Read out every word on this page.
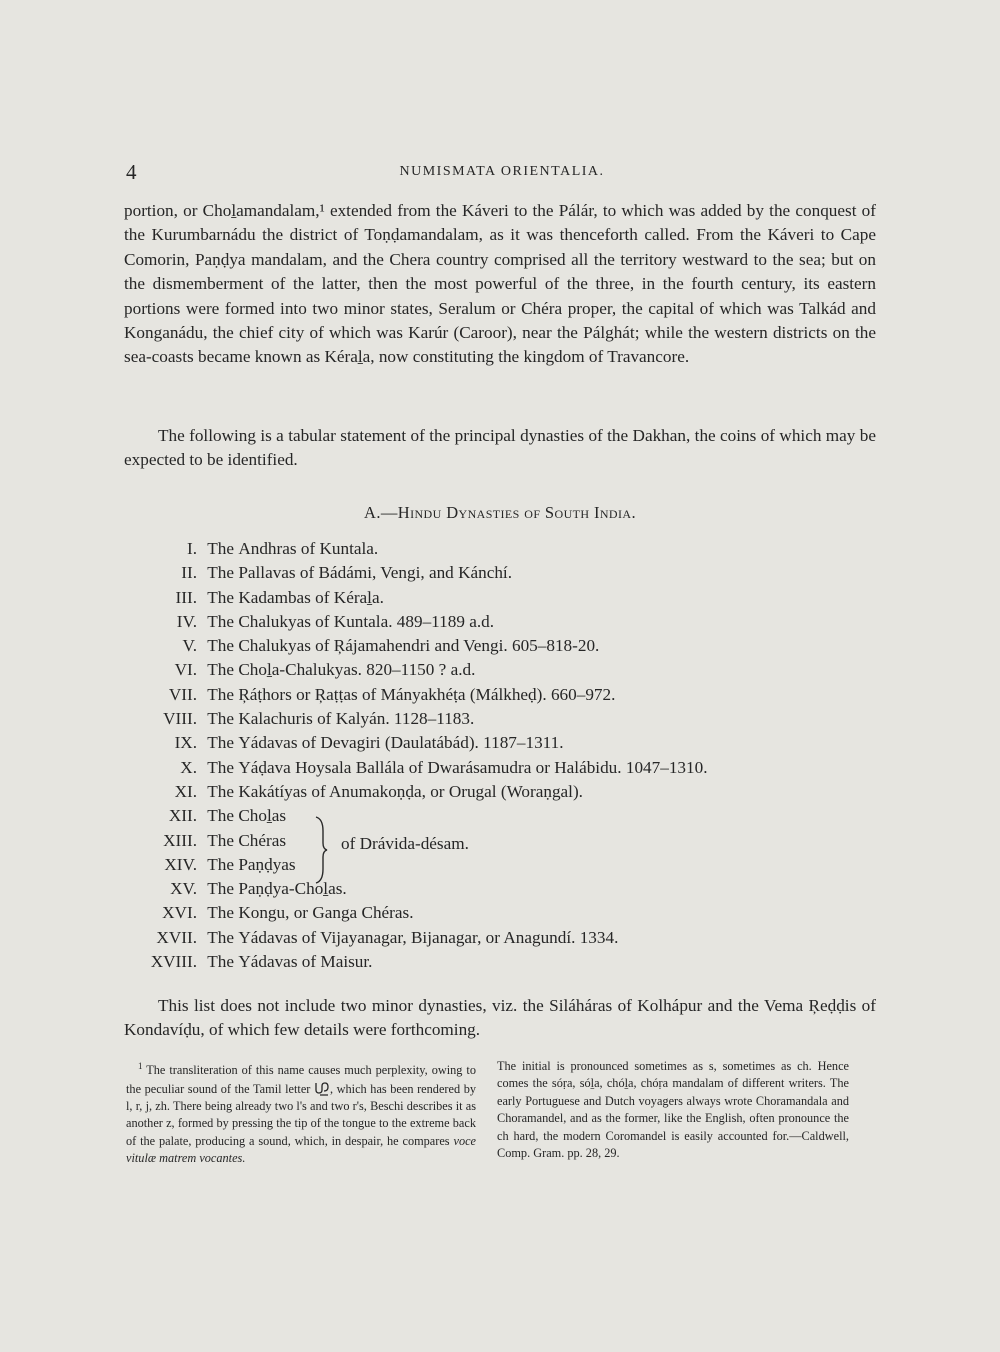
4	NUMISMATA ORIENTALIA.

portion, or Choḻamandalam,¹ extended from the Káveri to the Pálár, to which was added by the conquest of the Kurumbarnádu the district of Toṇḍamandalam, as it was thenceforth called. From the Káveri to Cape Comorin, Paṇḍya mandalam, and the Chera country comprised all the territory westward to the sea; but on the dismemberment of the latter, then the most powerful of the three, in the fourth century, its eastern portions were formed into two minor states, Seralum or Chéra proper, the capital of which was Talkád and Konganádu, the chief city of which was Karúr (Caroor), near the Pálghát; while the western districts on the sea-coasts became known as Kéraḻa, now constituting the kingdom of Travancore.

The following is a tabular statement of the principal dynasties of the Dakhan, the coins of which may be expected to be identified.

A.—Hindu Dynasties of South India.
I. The Andhras of Kuntala.
II. The Pallavas of Bádámi, Vengi, and Kánchí.
III. The Kadambas of Kéraḻa.
IV. The Chalukyas of Kuntala. 489–1189 a.d.
V. The Chalukyas of Ŗájamahendri and Vengi. 605–818-20.
VI. The Choḻa-Chalukyas. 820–1150 ? a.d.
VII. The Ŗáṭhors or Ŗaṭṭas of Mányakhéṭa (Málkheḍ). 660–972.
VIII. The Kalachuris of Kalyán. 1128–1183.
IX. The Yádavas of Devagiri (Daulatábád). 1187–1311.
X. The Yáḍava Hoysala Ballála of Dwarásamudra or Halábidu. 1047–1310.
XI. The Kakátíyas of Anumakoṇḍa, or Orugal (Woraṇgal).
XII. The Choḻas
XIII. The Chéras
XIV. The Paṇḍyas
XV. The Paṇḍya-Choḻas.
XVI. The Kongu, or Ganga Chéras.
XVII. The Yádavas of Vijayanagar, Bijanagar, or Anagundí. 1334.
XVIII. The Yádavas of Maisur.
of Drávida-désam.

This list does not include two minor dynasties, viz. the Siláháras of Kolhápur and the Vema Ŗeḍḍis of Kondavíḍu, of which few details were forthcoming.

$^1$ The transliteration of this name causes much perplexity, owing to the peculiar sound of the Tamil letter , which has been rendered by l, r, j, zh. There being already two l's and two r's, Beschi describes it as another z, formed by pressing the tip of the tongue to the extreme back of the palate, producing a sound, which, in despair, he compares voce vitulæ matrem vocantes.

The initial is pronounced sometimes as s, sometimes as ch. Hence comes the sóṛa, sóḻa, chóḻa, chóṛa mandalam of different writers. The early Portuguese and Dutch voyagers always wrote Choramandala and Choramandel, and as the former, like the English, often pronounce the ch hard, the modern Coromandel is easily accounted for.—Caldwell, Comp. Gram. pp. 28, 29.
